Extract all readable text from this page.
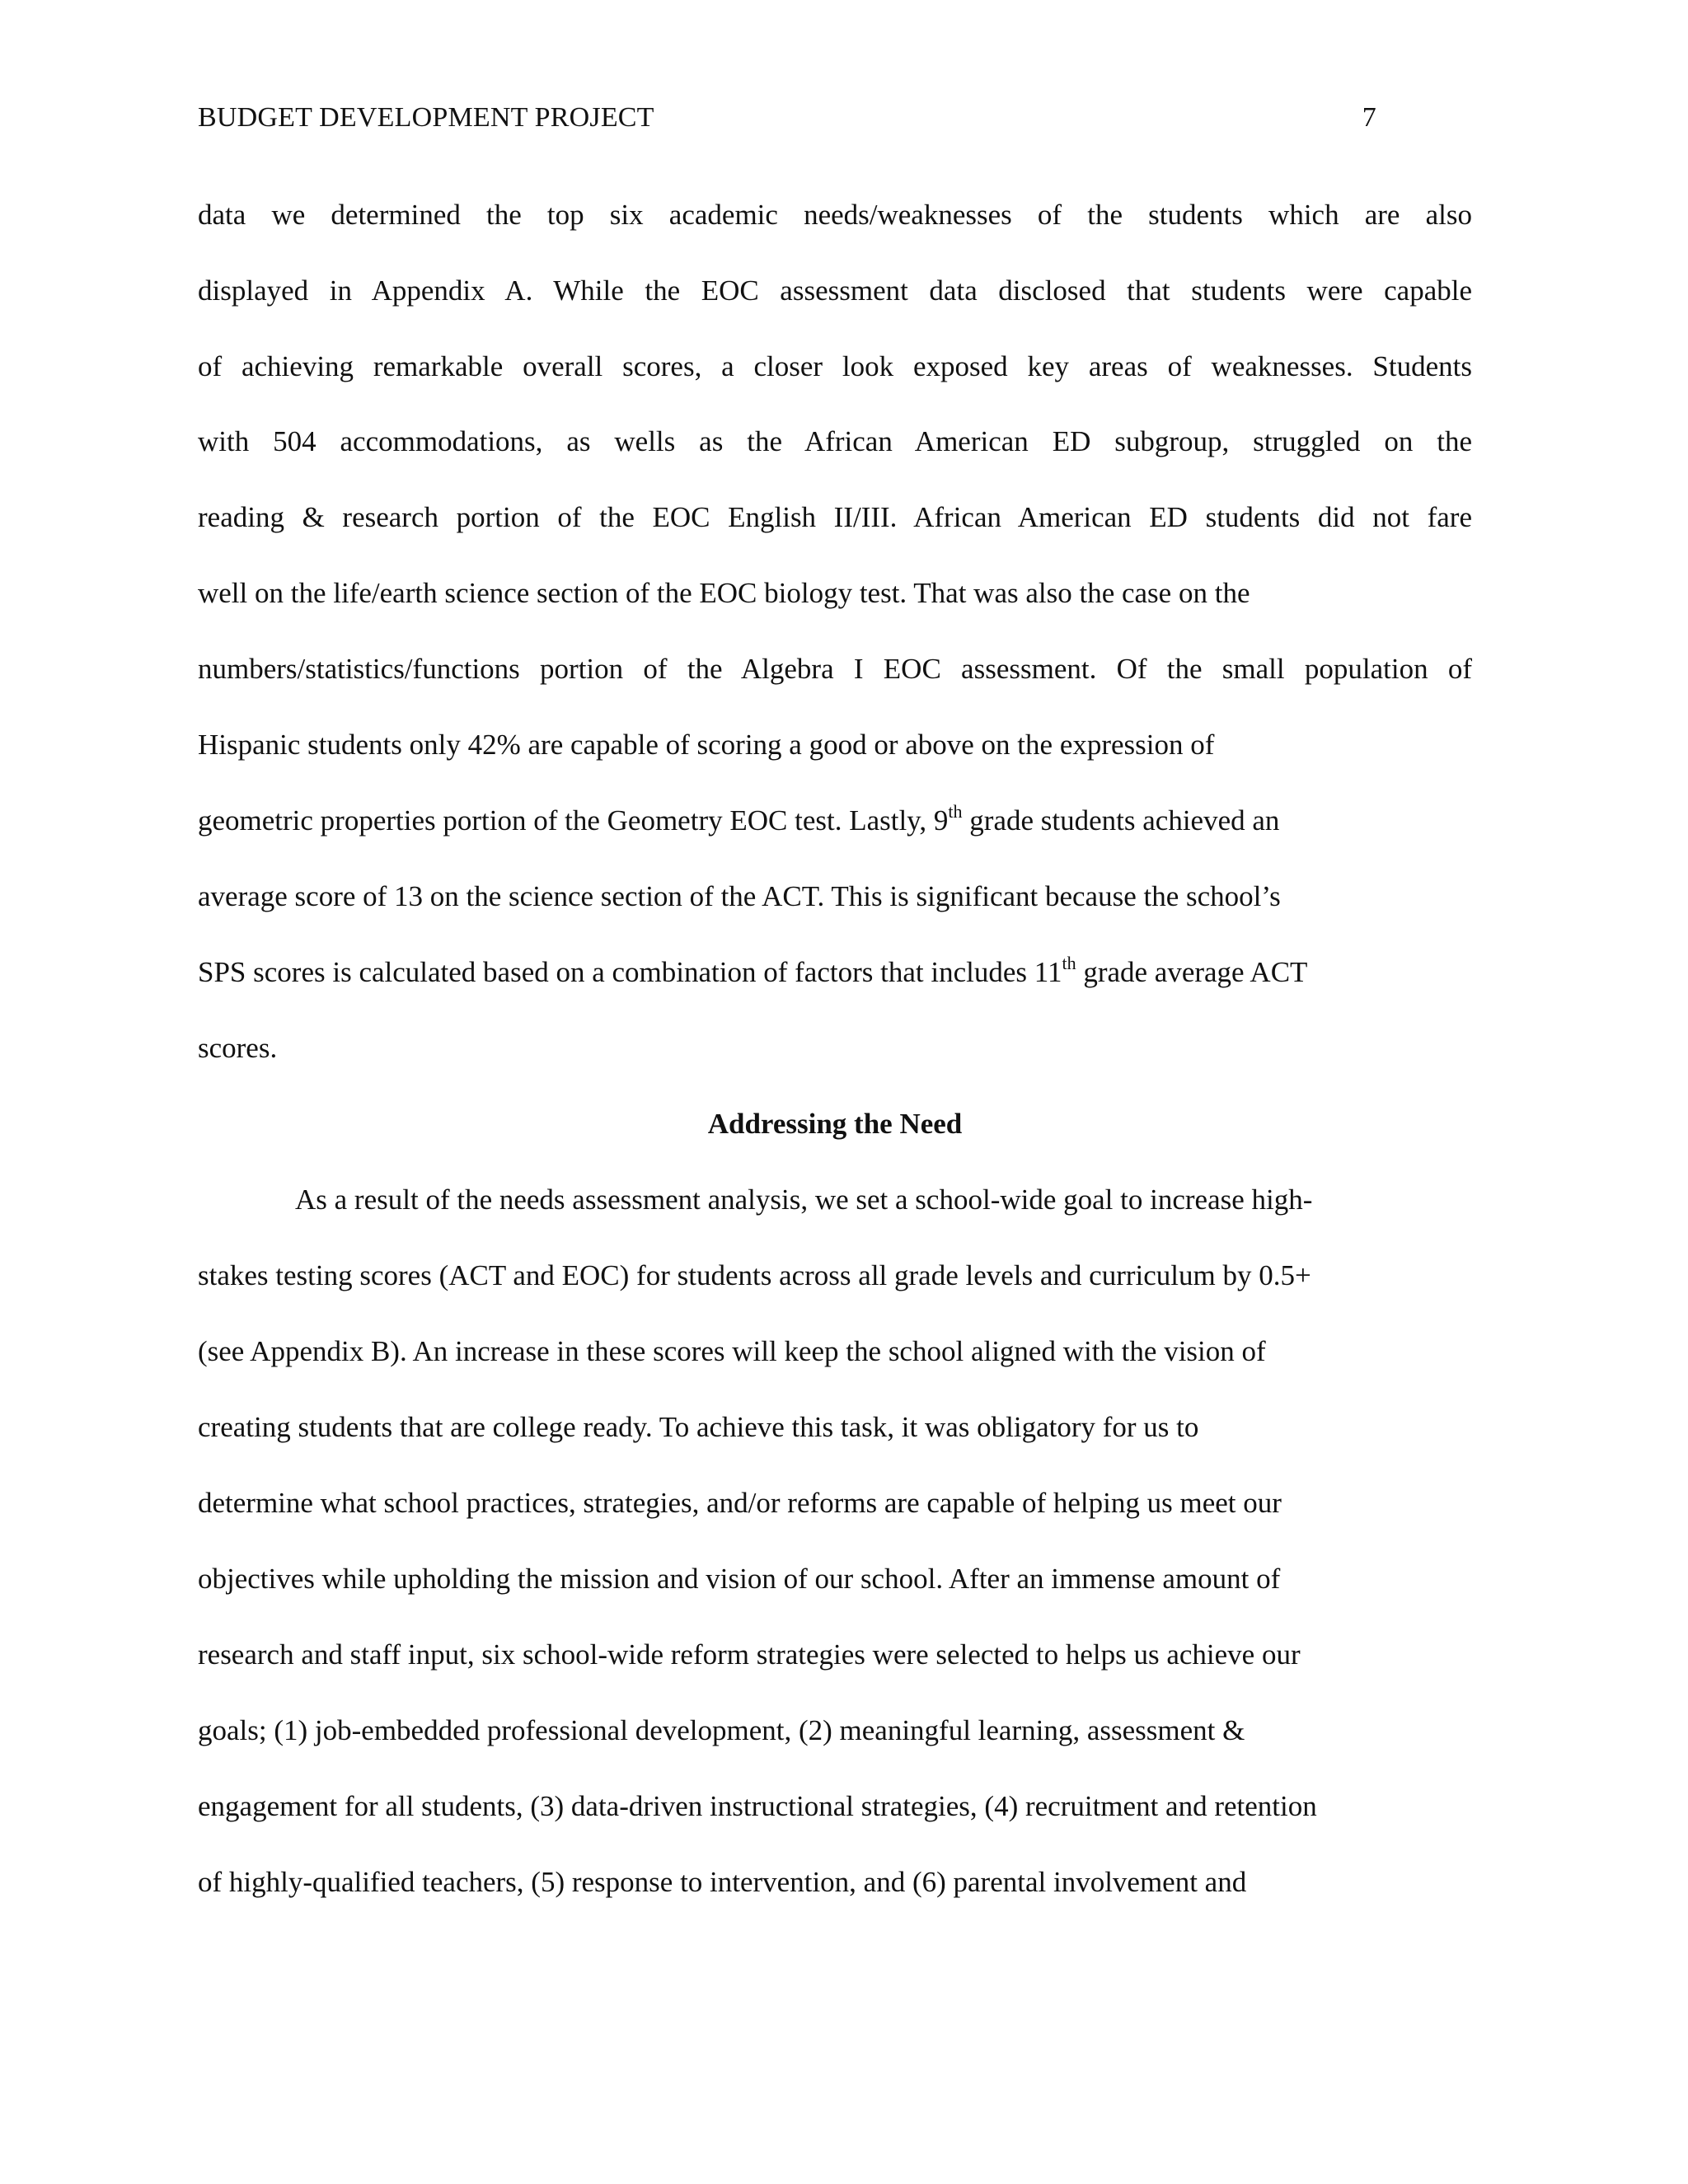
BUDGET DEVELOPMENT PROJECT	7
data we determined the top six academic needs/weaknesses of the students which are also
displayed in Appendix A. While the EOC assessment data disclosed that students were capable
of achieving remarkable overall scores, a closer look exposed key areas of weaknesses. Students
with 504 accommodations, as wells as the African American ED subgroup, struggled on the
reading & research portion of the EOC English II/III. African American ED students did not fare
well on the life/earth science section of the EOC biology test. That was also the case on the
numbers/statistics/functions portion of the Algebra I EOC assessment. Of the small population of
Hispanic students only 42% are capable of scoring a good or above on the expression of
geometric properties portion of the Geometry EOC test. Lastly, 9th grade students achieved an
average score of 13 on the science section of the ACT. This is significant because the school’s
SPS scores is calculated based on a combination of factors that includes 11th grade average ACT
scores.
Addressing the Need
As a result of the needs assessment analysis, we set a school-wide goal to increase high-
stakes testing scores (ACT and EOC) for students across all grade levels and curriculum by 0.5+
(see Appendix B). An increase in these scores will keep the school aligned with the vision of
creating students that are college ready. To achieve this task, it was obligatory for us to
determine what school practices, strategies, and/or reforms are capable of helping us meet our
objectives while upholding the mission and vision of our school. After an immense amount of
research and staff input, six school-wide reform strategies were selected to helps us achieve our
goals; (1) job-embedded professional development, (2) meaningful learning, assessment &
engagement for all students, (3) data-driven instructional strategies, (4) recruitment and retention
of highly-qualified teachers, (5) response to intervention, and (6) parental involvement and
